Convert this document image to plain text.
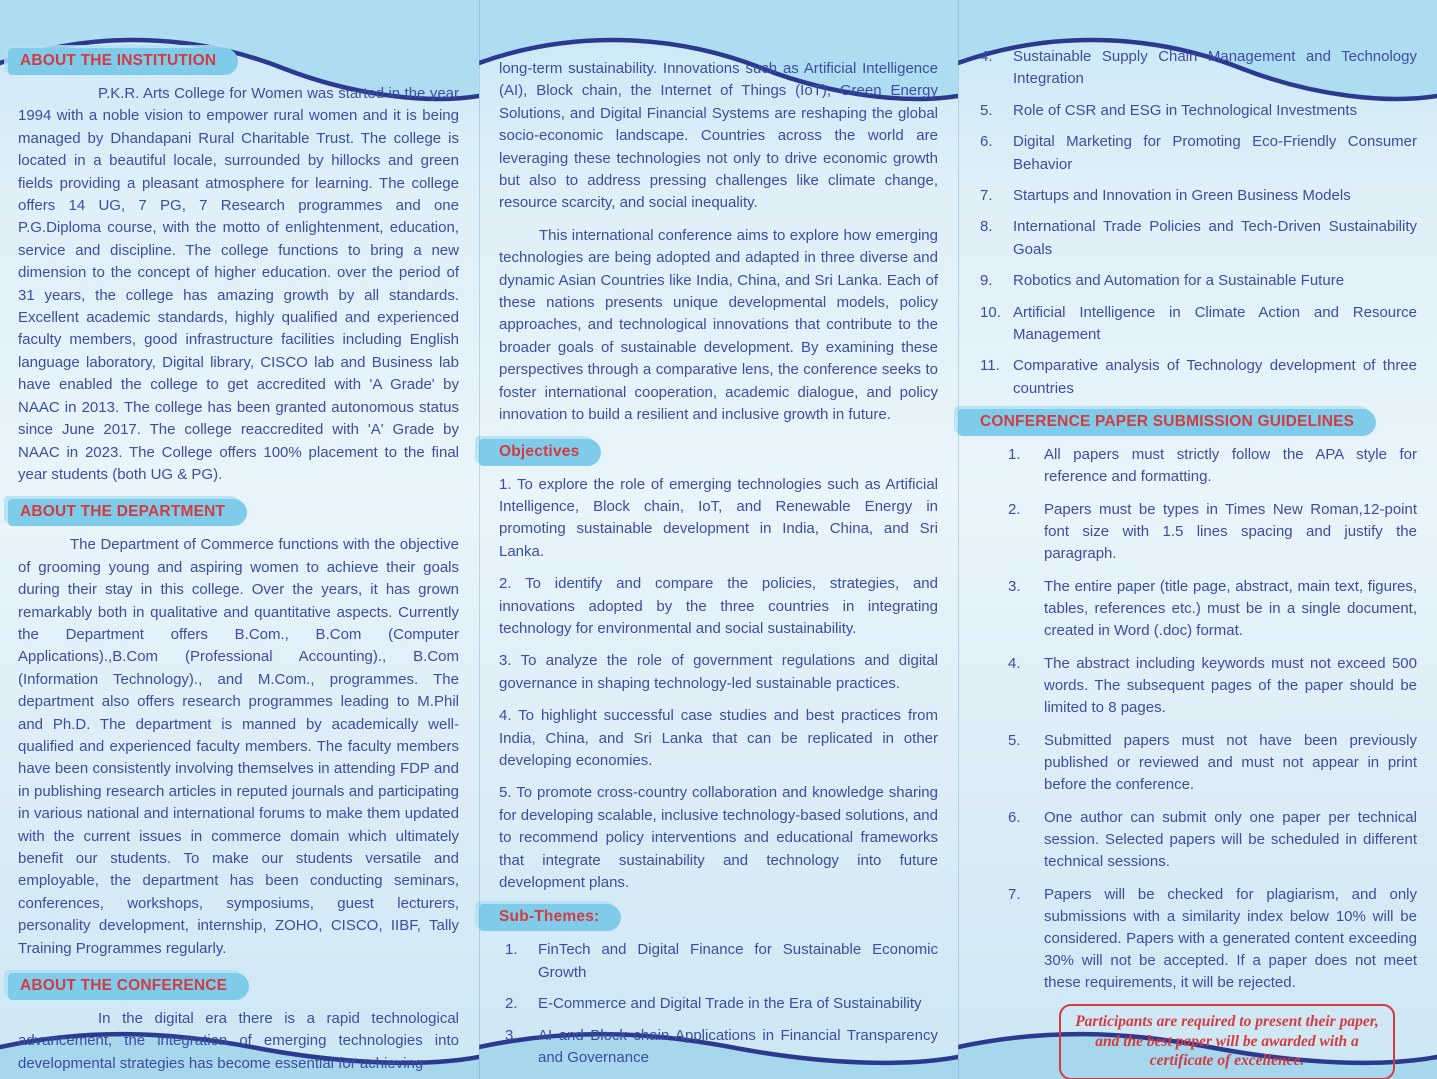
ABOUT THE INSTITUTION

P.K.R. Arts College for Women was started in the year 1994 with a noble vision to empower rural women and it is being managed by Dhandapani Rural Charitable Trust. The college is located in a beautiful locale, surrounded by hillocks and green fields providing a pleasant atmosphere for learning. The college offers 14 UG, 7 PG, 7 Research programmes and one P.G.Diploma course, with the motto of enlightenment, education, service and discipline. The college functions to bring a new dimension to the concept of higher education. over the period of 31 years, the college has amazing growth by all standards. Excellent academic standards, highly qualified and experienced faculty members, good infrastructure facilities including English language laboratory, Digital library, CISCO lab and Business lab have enabled the college to get accredited with 'A Grade' by NAAC in 2013. The college has been granted autonomous status since June 2017. The college reaccredited with 'A' Grade by NAAC in 2023. The College offers 100% placement to the final year students (both UG & PG).

ABOUT THE DEPARTMENT

The Department of Commerce functions with the objective of grooming young and aspiring women to achieve their goals during their stay in this college. Over the years, it has grown remarkably both in qualitative and quantitative aspects. Currently the Department offers B.Com., B.Com (Computer Applications).,B.Com (Professional Accounting)., B.Com (Information Technology)., and M.Com., programmes. The department also offers research programmes leading to M.Phil and Ph.D. The department is manned by academically well-qualified and experienced faculty members. The faculty members have been consistently involving themselves in attending FDP and in publishing research articles in reputed journals and participating in various national and international forums to make them updated with the current issues in commerce domain which ultimately benefit our students. To make our students versatile and employable, the department has been conducting seminars, conferences, workshops, symposiums, guest lecturers, personality development, internship, ZOHO, CISCO, IIBF, Tally Training Programmes regularly.

ABOUT THE CONFERENCE

In the digital era there is a rapid technological advancement, the integration of emerging technologies into developmental strategies has become essential for achieving

long-term sustainability. Innovations such as Artificial Intelligence (AI), Block chain, the Internet of Things (IoT), Green Energy Solutions, and Digital Financial Systems are reshaping the global socio-economic landscape. Countries across the world are leveraging these technologies not only to drive economic growth but also to address pressing challenges like climate change, resource scarcity, and social inequality.

This international conference aims to explore how emerging technologies are being adopted and adapted in three diverse and dynamic Asian Countries like India, China, and Sri Lanka. Each of these nations presents unique developmental models, policy approaches, and technological innovations that contribute to the broader goals of sustainable development. By examining these perspectives through a comparative lens, the conference seeks to foster international cooperation, academic dialogue, and policy innovation to build a resilient and inclusive growth in future.

Objectives

1. To explore the role of emerging technologies such as Artificial Intelligence, Block chain, IoT, and Renewable Energy in promoting sustainable development in India, China, and Sri Lanka.

2. To identify and compare the policies, strategies, and innovations adopted by the three countries in integrating technology for environmental and social sustainability.

3. To analyze the role of government regulations and digital governance in shaping technology-led sustainable practices.

4. To highlight successful case studies and best practices from India, China, and Sri Lanka that can be replicated in other developing economies.

5. To promote cross-country collaboration and knowledge sharing for developing scalable, inclusive technology-based solutions, and to recommend policy interventions and educational frameworks that integrate sustainability and technology into future development plans.

Sub-Themes:

1.	FinTech and Digital Finance for Sustainable Economic Growth
2.	E-Commerce and Digital Trade in the Era of Sustainability
3.	AI and Block chain Applications in Financial Transparency and Governance
4.	Sustainable Supply Chain Management and Technology Integration
5.	Role of CSR and ESG in Technological Investments
6.	Digital Marketing for Promoting Eco-Friendly Consumer Behavior
7.	Startups and Innovation in Green Business Models
8.	International Trade Policies and Tech-Driven Sustainability Goals
9.	Robotics and Automation for a Sustainable Future
10. Artificial Intelligence in Climate Action and Resource Management
11. Comparative analysis of Technology development of three countries
CONFERENCE PAPER SUBMISSION GUIDELINES

1.	All papers must strictly follow the APA style for reference and formatting.
2.	Papers must be types in Times New Roman,12-point font size with 1.5 lines spacing and justify the paragraph.
3.	The entire paper (title page, abstract, main text, figures, tables, references etc.) must be in a single document, created in Word (.doc) format.
4.	The abstract including keywords must not exceed 500 words. The subsequent pages of the paper should be limited to 8 pages.
5.	Submitted papers must not have been previously published or reviewed and must not appear in print before the conference.
6.	One author can submit only one paper per technical session. Selected papers will be scheduled in different technical sessions.
7.	Papers will be checked for plagiarism, and only submissions with a similarity index below 10% will be considered. Papers with a generated content exceeding 30% will not be accepted. If a paper does not meet these requirements, it will be rejected.
Participants are required to present their paper, and the best paper will be awarded with a certificate of excellence.
